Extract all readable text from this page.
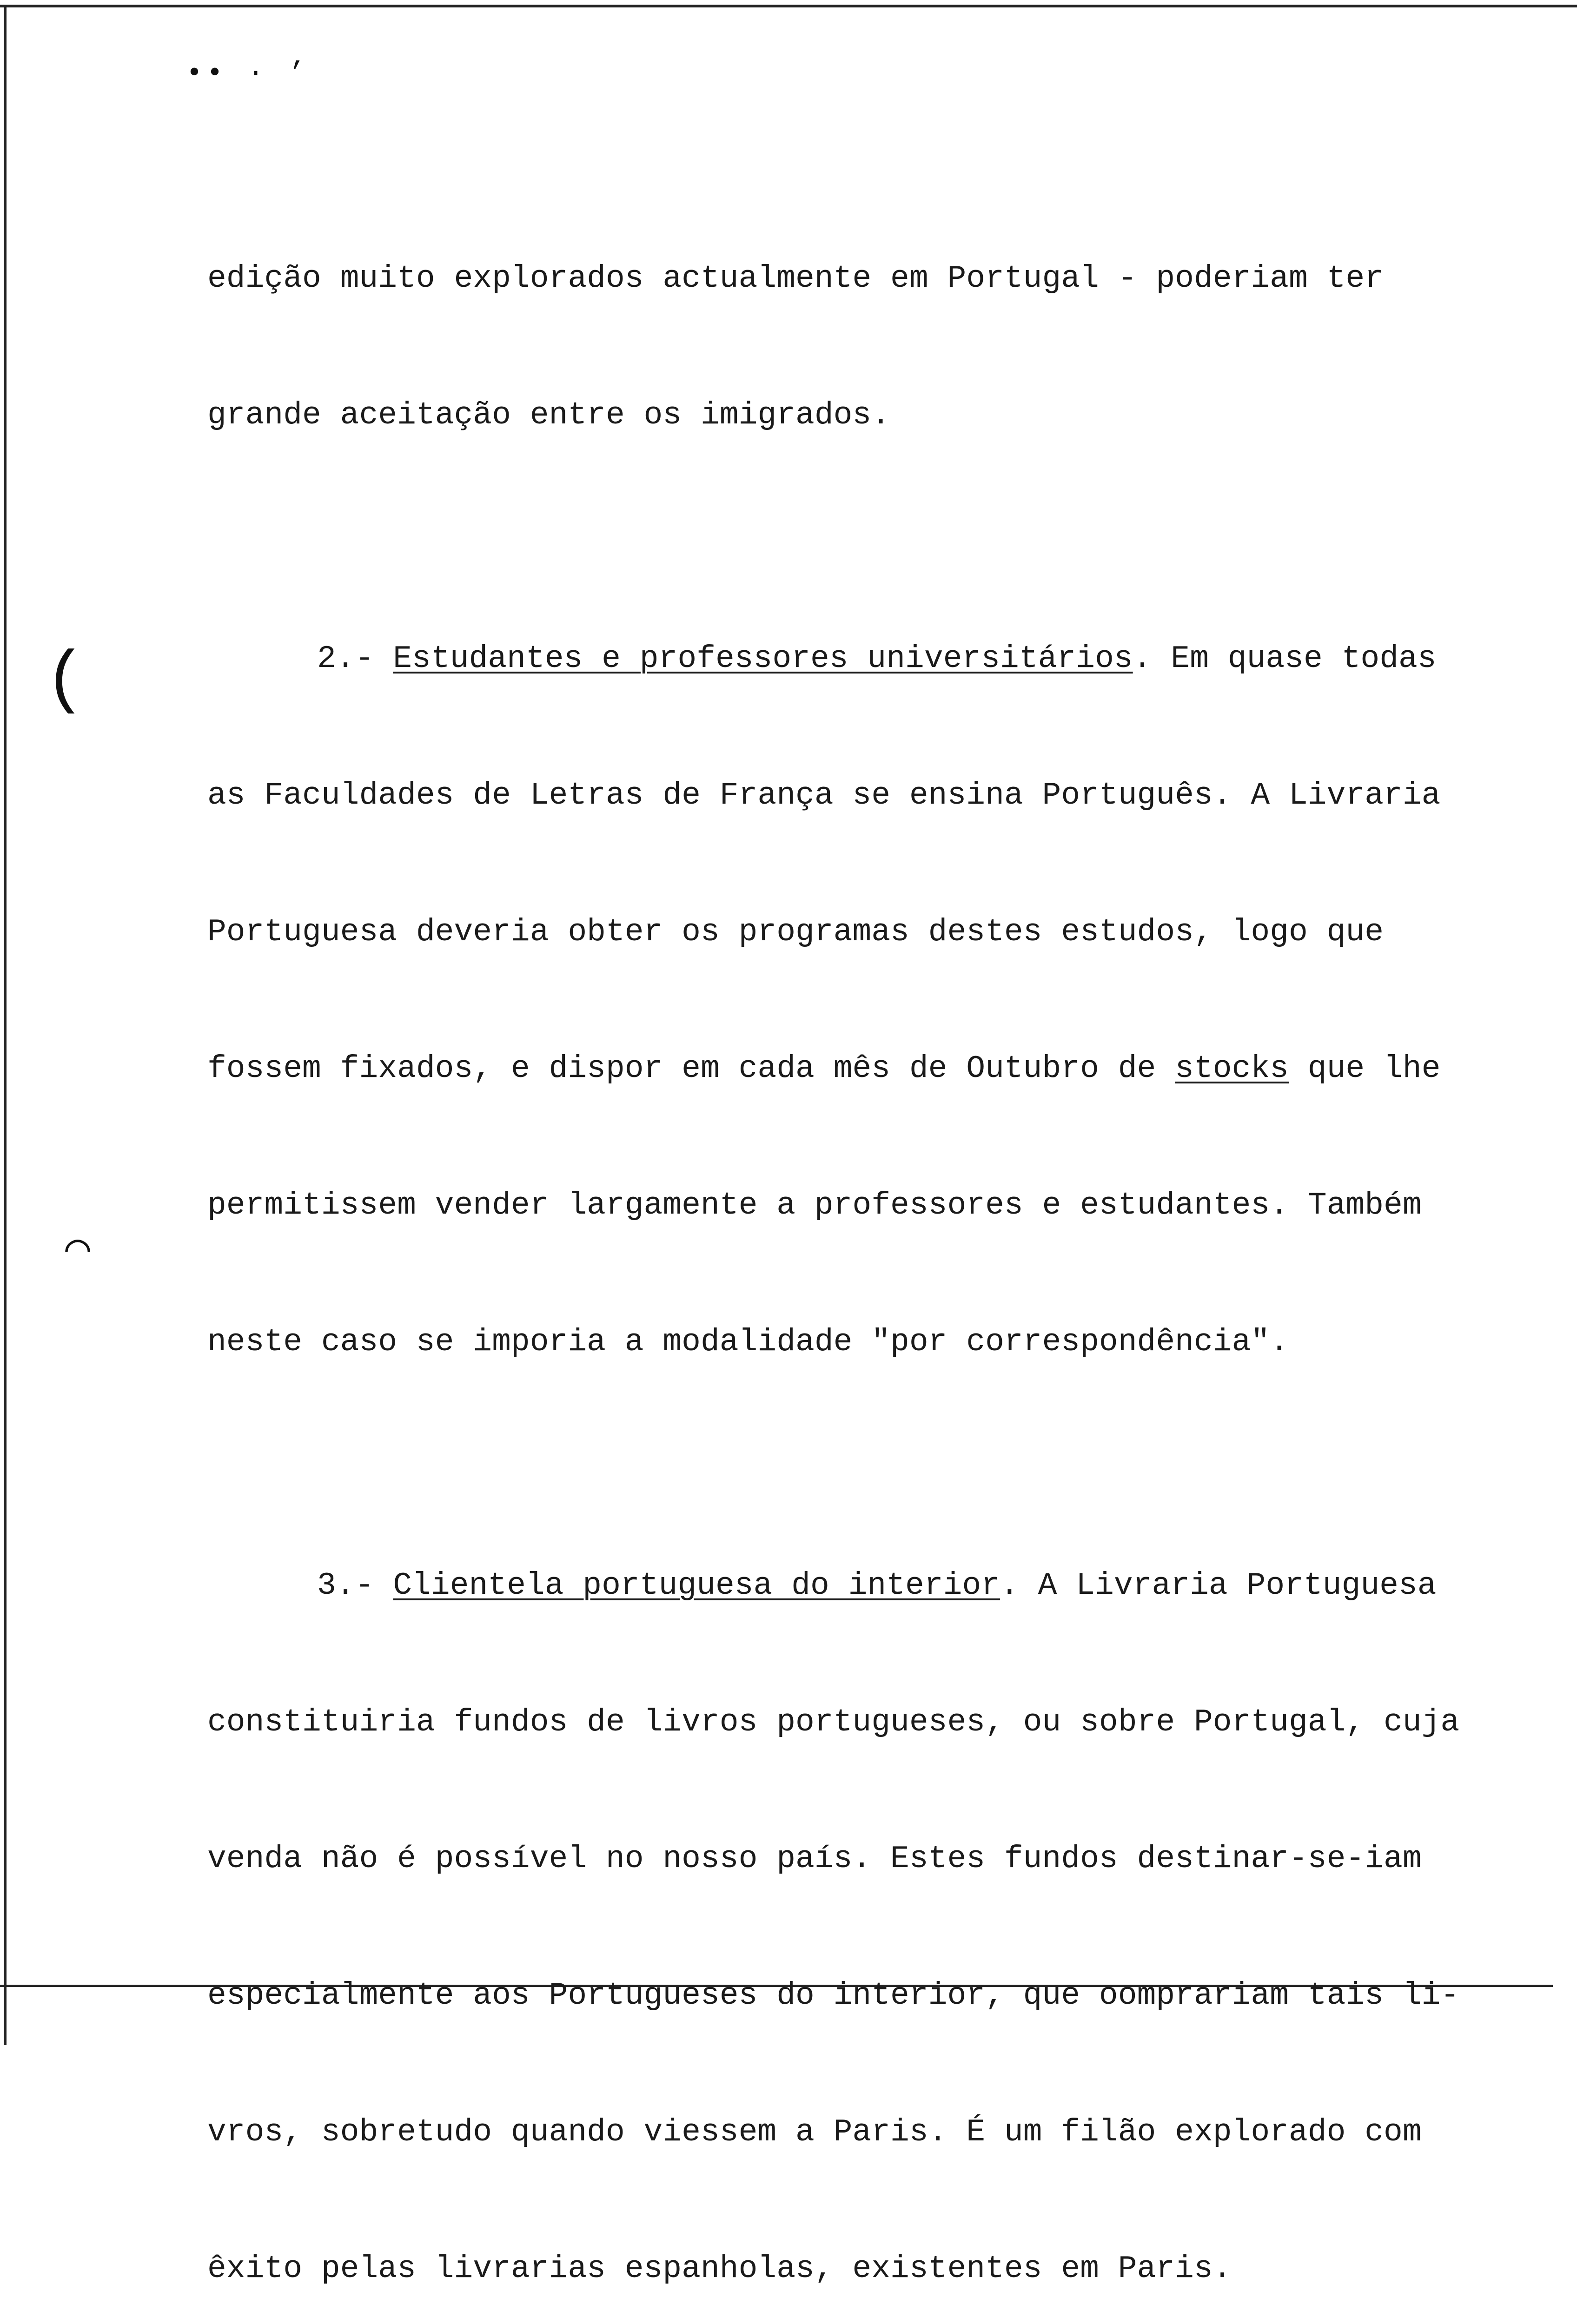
•• · ’
(
⌒

edição muito explorados actualmente em Portugal - poderiam ter

grande aceitação entre os imigrados.

2.- Estudantes e professores universitários. Em quase todas

as Faculdades de Letras de França se ensina Português. A Livraria

Portuguesa deveria obter os programas destes estudos, logo que

fossem fixados, e dispor em cada mês de Outubro de stocks que lhe

permitissem vender largamente a professores e estudantes. Também

neste caso se imporia a modalidade "por correspondência".

3.- Clientela portuguesa do interior. A Livraria Portuguesa

constituiria fundos de livros portugueses, ou sobre Portugal, cuja

venda não é possível no nosso país. Estes fundos destinar-se-iam

especialmente aos Portugueses do interior, que oomprariam tais li-

vros, sobretudo quando viessem a Paris. É um filão explorado com

êxito pelas livrarias espanholas, existentes em Paris.
